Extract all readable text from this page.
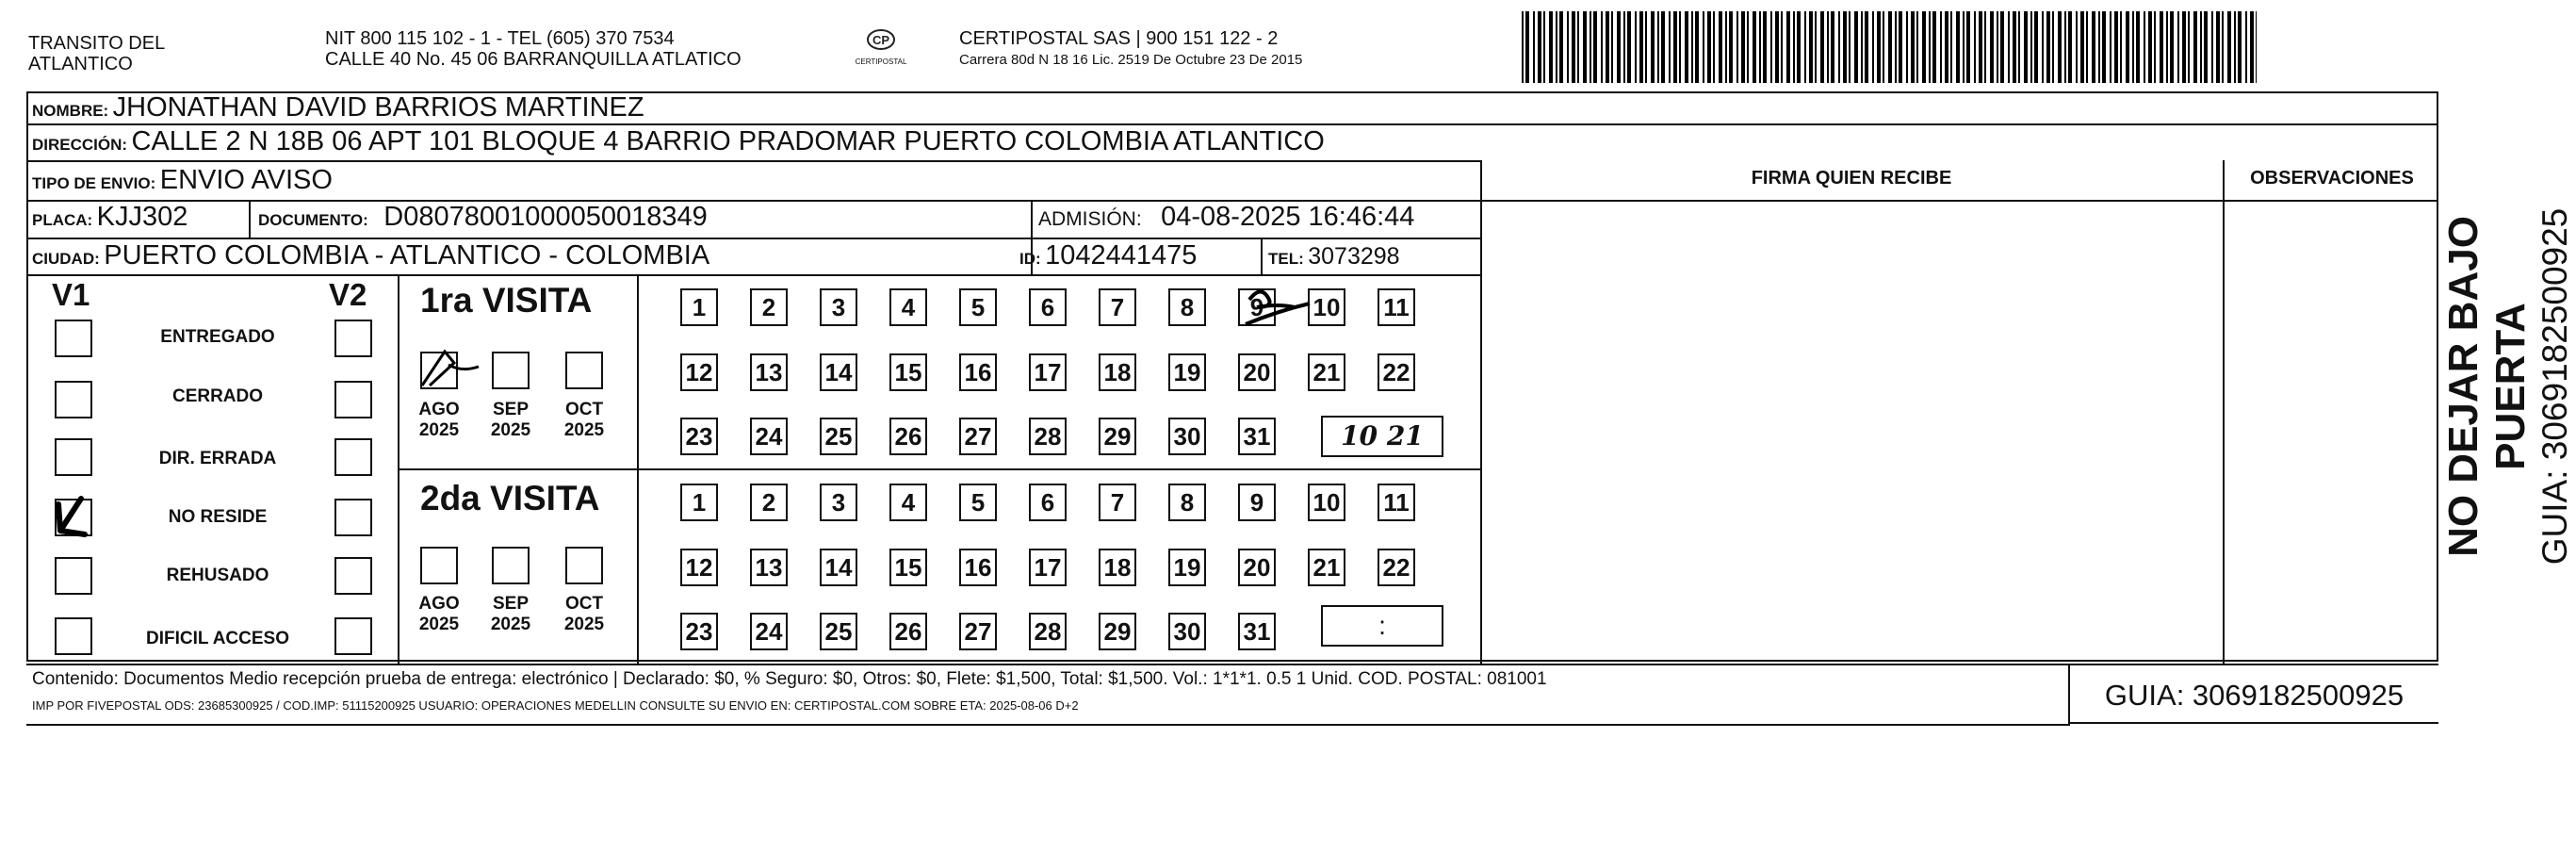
TRANSITO DEL
ATLANTICO
NIT 800 115 102 - 1 - TEL (605) 370 7534
CALLE 40 No. 45 06 BARRANQUILLA ATLATICO
CP
CERTIPOSTAL
CERTIPOSTAL SAS | 900 151 122 - 2
Carrera 80d N 18 16 Lic. 2519 De Octubre 23 De 2015
NOMBRE: JHONATHAN DAVID BARRIOS MARTINEZ
DIRECCIÓN: CALLE 2 N 18B 06 APT 101 BLOQUE 4 BARRIO PRADOMAR PUERTO COLOMBIA ATLANTICO
TIPO DE ENVIO: ENVIO AVISO	FIRMA QUIEN RECIBE	OBSERVACIONES
PLACA: KJJ302	DOCUMENTO: D08078001000050018349	ADMISIÓN: 04-08-2025 16:46:44
CIUDAD: PUERTO COLOMBIA - ATLANTICO - COLOMBIA	ID: 1042441475	TEL: 3073298
V1	V2
ENTREGADO
CERRADO
DIR. ERRADA
NO RESIDE
REHUSADO
DIFICIL ACCESO
1ra VISITA
AGO
2025
SEP
2025
OCT
2025
2da VISITA
AGO
2025
SEP
2025
OCT
2025
1	2	3	4	5	6	7	8	9	10 11
12 13 14 15 16 17 18 19 20 21 22
23 24 25 26 27 28 29 30 31
1	2	3	4	5	6	7	8	9	10 11
12 13 14 15 16 17 18 19 20 21 22
23 24 25 26 27 28 29 30 31
10 21
:
Contenido: Documentos Medio recepción prueba de entrega: electrónico | Declarado: $0, % Seguro: $0, Otros: $0, Flete: $1,500, Total: $1,500. Vol.: 1*1*1. 0.5 1 Unid. COD. POSTAL: 081001
IMP POR FIVEPOSTAL ODS: 23685300925 / COD.IMP: 51115200925 USUARIO: OPERACIONES MEDELLIN CONSULTE SU ENVIO EN: CERTIPOSTAL.COM SOBRE ETA: 2025-08-06 D+2	GUIA: 3069182500925
NO DEJAR BAJO PUERTA GUIA: 3069182500925
